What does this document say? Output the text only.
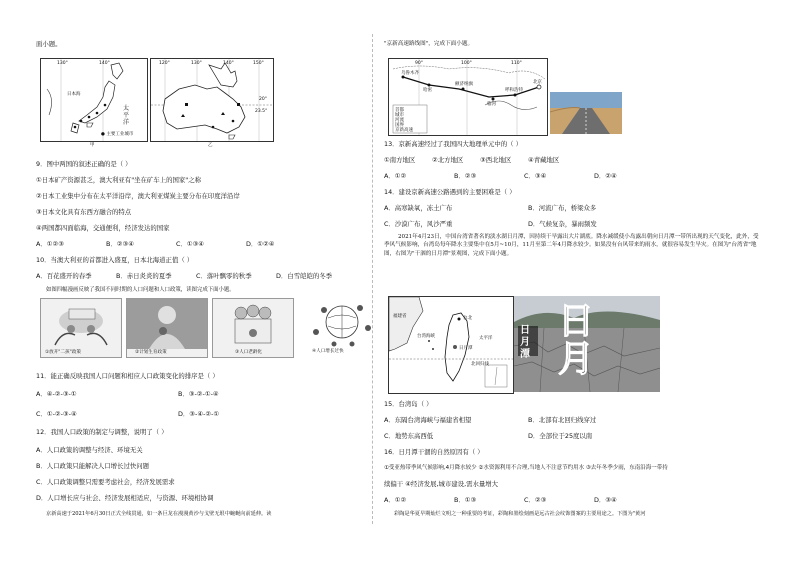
面小题。
130°	140°
日本海
太平洋
● 主要工业城市
甲
120°	130°	140°	150°
20°
23.5°
乙
9．图中两国的叙述正确的是（ ）
①日本矿产资源甚乏，澳大利亚有"坐在矿车上的国家"之称
②日本工业集中分布在太平洋沿岸，澳大利亚煤炭主要分布在印度洋沿岸
③日本文化具有东西方融合的特点
④两国都四面临海，交通便利，经济发达的国家
A．①②③	B．②③④	C．①③④	D．①②④
10．当澳大利亚的首都进入盛夏，日本北海道正值（ ）
A．百花盛开的春季	B．赤日炎炎的夏季	C．落叶飘零的秋季	D．白雪皑皑的冬季
如图四幅漫画反映了我国不同时期的人口问题和人口政策，读图完成下面小题。
①放开"二孩"政策	②计划生育政策	③人口老龄化	④人口增长过快
11．能正确反映我国人口问题和相应人口政策变化的排序是（ ）
A．④-②-③-①	B．③-②-①-④
C．①-②-③-④	D．③-④-②-①
12．我国人口政策的制定与调整，说明了（ ）
A．人口政策的调整与经济、环境无关
B．人口政策只能解决人口增长过快问题
C．人口政策调整只需要考虑社会，经济发展需求
D．人口增长应与社会、经济发展相适应，与资源、环境相协调
京新高速于2021年6月30日正式全线贯通，如一条巨龙在漫漫黄沙与戈壁无垠中蜿蜒向前延伸。读
"京新高速路线图"，完成下面小题。
90°	100°	110°
乌鲁木齐
哈密
额济纳旗
呼和浩特
临河
北京
首都
城市
河流
国界
京新高速
13．京新高速经过了我国四大地理单元中的（ ）
①南方地区	②北方地区	③西北地区	④青藏地区
A．①②	B．②③	C．③④	D．②④
14．建设京新高速公路遇到的主要困难是（ ）
A．高寒缺氧，冻土广布	B．河流广布，桥梁众多
C．沙漠广布，风沙严重	D．气候复杂，暴雨频发
2021年4月23日，中国台湾省著名的淡水湖日月潭，因持续干旱露出大片湖底。降水减缓使小岛露出朝向日月潭一带所出现的天气变化，此外，受季风气候影响，台湾岛每年降水主要集中在5月~10月，11月至第二年4月降水较少。如果没有台风带来的雨水，就很容易发生旱灾。在图为"台湾省"地图，右图为"干涸的日月潭"景观图，完成下面小题。
福建省
台湾海峡	太平洋
北回归线
日月潭
台北
日
月
潭
日
月
15．台湾岛（ ）
A．东隔台湾海峡与福建省相望	B．北部有北回归线穿过
C．地势东高西低	D．全部位于25度以南
16．日月潭干涸的自然原因有（ ）
①受亚热带季风气候影响,4月降水较少 ②水资源利用不合理,当地人不注意节约用水 ③去年冬季少雨，东南沿海一带持
续偏干 ④经济发展,城市建设,需水量增大
A．①②	B．①③	C．②③	D．③④
彩陶是华夏早期灿烂文明之一种重要的考证，彩陶和墨绘刻画是远古社会纹饰图案的主要用途之。下图为"黄河
